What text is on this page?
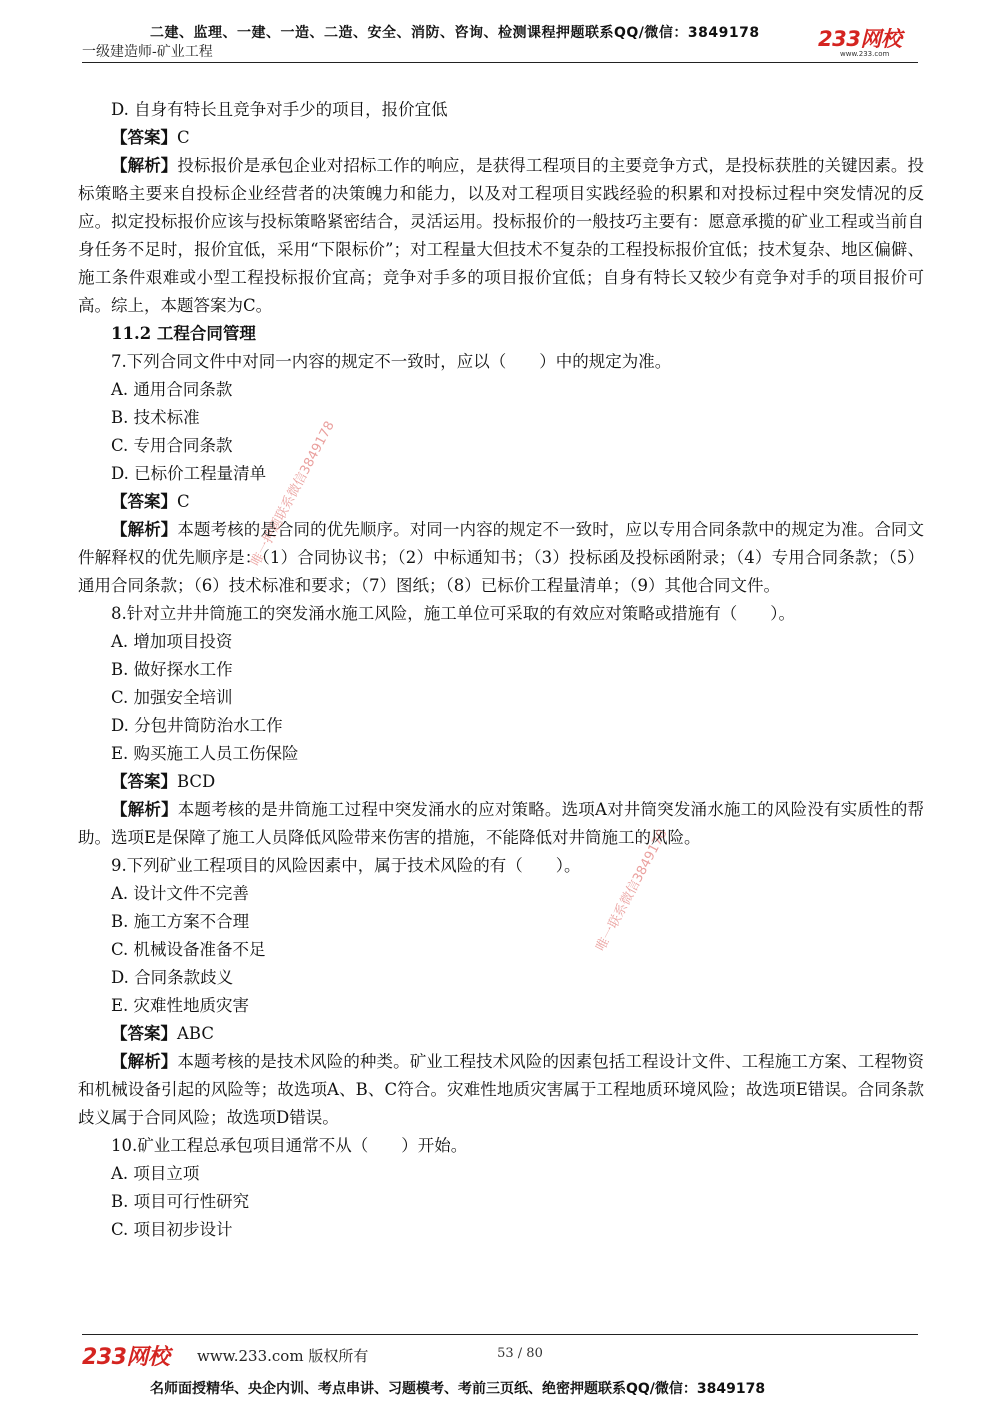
二建、监理、一建、一造、二造、安全、消防、咨询、检测课程押题联系QQ/微信：3849178
一级建造师-矿业工程
233网校
www.233.com
唯一押题联系微信3849178
唯一联系微信3849178

D. 自身有特长且竞争对手少的项目，报价宜低

【答案】C

【解析】投标报价是承包企业对招标工作的响应，是获得工程项目的主要竞争方式，是投标获胜的关键因素。投标策略主要来自投标企业经营者的决策魄力和能力，以及对工程项目实践经验的积累和对投标过程中突发情况的反应。拟定投标报价应该与投标策略紧密结合，灵活运用。投标报价的一般技巧主要有：愿意承揽的矿业工程或当前自身任务不足时，报价宜低，采用“下限标价”；对工程量大但技术不复杂的工程投标报价宜低；技术复杂、地区偏僻、施工条件艰难或小型工程投标报价宜高；竞争对手多的项目报价宜低；自身有特长又较少有竞争对手的项目报价可高。综上，本题答案为C。

11.2 工程合同管理

7.下列合同文件中对同一内容的规定不一致时，应以（　　）中的规定为准。

A. 通用合同条款

B. 技术标准

C. 专用合同条款

D. 已标价工程量清单

【答案】C

【解析】本题考核的是合同的优先顺序。对同一内容的规定不一致时，应以专用合同条款中的规定为准。合同文件解释权的优先顺序是：（1）合同协议书；（2）中标通知书；（3）投标函及投标函附录；（4）专用合同条款；（5）通用合同条款；（6）技术标准和要求；（7）图纸；（8）已标价工程量清单；（9）其他合同文件。

8.针对立井井筒施工的突发涌水施工风险，施工单位可采取的有效应对策略或措施有（　　）。

A. 增加项目投资

B. 做好探水工作

C. 加强安全培训

D. 分包井筒防治水工作

E. 购买施工人员工伤保险

【答案】BCD

【解析】本题考核的是井筒施工过程中突发涌水的应对策略。选项A对井筒突发涌水施工的风险没有实质性的帮助。选项E是保障了施工人员降低风险带来伤害的措施，不能降低对井筒施工的风险。

9.下列矿业工程项目的风险因素中，属于技术风险的有（　　）。

A. 设计文件不完善

B. 施工方案不合理

C. 机械设备准备不足

D. 合同条款歧义

E. 灾难性地质灾害

【答案】ABC

【解析】本题考核的是技术风险的种类。矿业工程技术风险的因素包括工程设计文件、工程施工方案、工程物资和机械设备引起的风险等；故选项A、B、C符合。灾难性地质灾害属于工程地质环境风险；故选项E错误。合同条款歧义属于合同风险；故选项D错误。

10.矿业工程总承包项目通常不从（　　）开始。

A. 项目立项

B. 项目可行性研究

C. 项目初步设计

233网校 www.233.com 版权所有	53 / 80
名师面授精华、央企内训、考点串讲、习题模考、考前三页纸、绝密押题联系QQ/微信：3849178
